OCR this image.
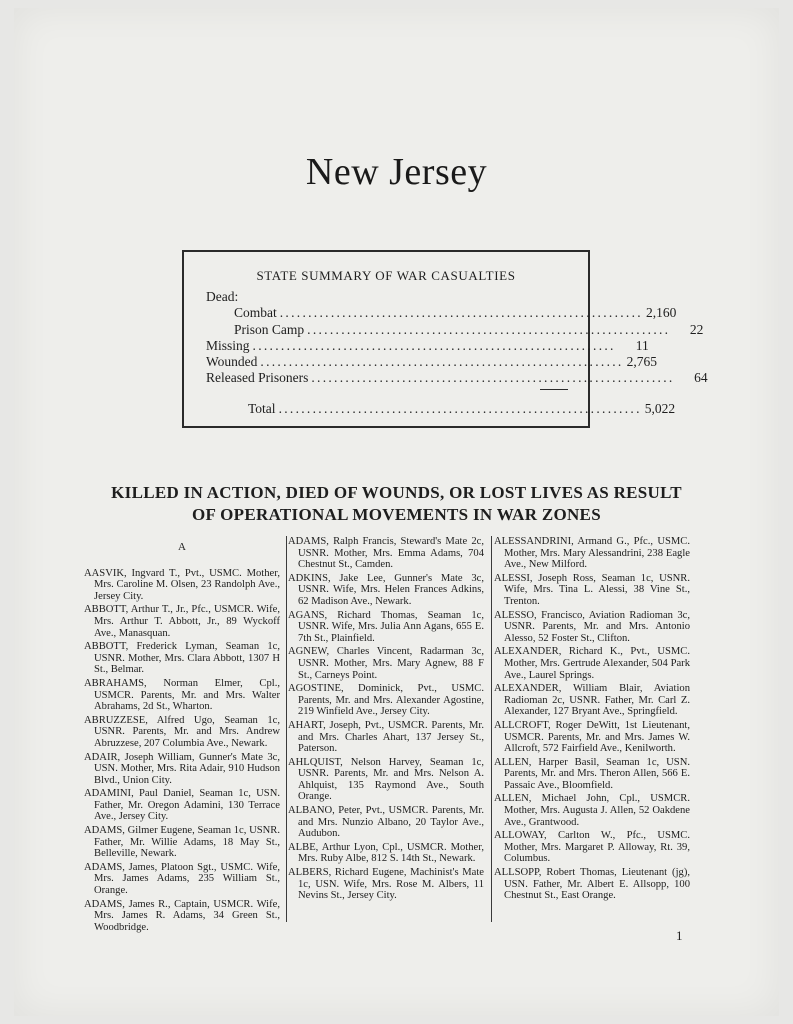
New Jersey
STATE SUMMARY OF WAR CASUALTIES
Dead:
Combat ................................................................ 2,160
Prison Camp ................................................................	22
Missing ................................................................	11
Wounded ................................................................ 2,765
Released Prisoners ................................................................	64
Total ................................................................ 5,022
KILLED IN ACTION, DIED OF WOUNDS, OR LOST LIVES AS RESULT
OF OPERATIONAL MOVEMENTS IN WAR ZONES
A
AASVIK, Ingvard T., Pvt., USMC. Mother, Mrs. Caroline M. Olsen, 23 Randolph Ave., Jersey City.
ABBOTT, Arthur T., Jr., Pfc., USMCR. Wife, Mrs. Arthur T. Abbott, Jr., 89 Wyckoff Ave., Manasquan.
ABBOTT, Frederick Lyman, Seaman 1c, USNR. Mother, Mrs. Clara Abbott, 1307 H St., Belmar.
ABRAHAMS, Norman Elmer, Cpl., USMCR. Parents, Mr. and Mrs. Walter Abrahams, 2d St., Wharton.
ABRUZZESE, Alfred Ugo, Seaman 1c, USNR. Parents, Mr. and Mrs. Andrew Abruzzese, 207 Columbia Ave., Newark.
ADAIR, Joseph William, Gunner's Mate 3c, USN. Mother, Mrs. Rita Adair, 910 Hudson Blvd., Union City.
ADAMINI, Paul Daniel, Seaman 1c, USN. Father, Mr. Oregon Adamini, 130 Terrace Ave., Jersey City.
ADAMS, Gilmer Eugene, Seaman 1c, USNR. Father, Mr. Willie Adams, 18 May St., Belleville, Newark.
ADAMS, James, Platoon Sgt., USMC. Wife, Mrs. James Adams, 235 William St., Orange.
ADAMS, James R., Captain, USMCR. Wife, Mrs. James R. Adams, 34 Green St., Woodbridge.
ADAMS, Ralph Francis, Steward's Mate 2c, USNR. Mother, Mrs. Emma Adams, 704 Chestnut St., Camden.
ADKINS, Jake Lee, Gunner's Mate 3c, USNR. Wife, Mrs. Helen Frances Adkins, 62 Madison Ave., Newark.
AGANS, Richard Thomas, Seaman 1c, USNR. Wife, Mrs. Julia Ann Agans, 655 E. 7th St., Plainfield.
AGNEW, Charles Vincent, Radarman 3c, USNR. Mother, Mrs. Mary Agnew, 88 F St., Carneys Point.
AGOSTINE, Dominick, Pvt., USMC. Parents, Mr. and Mrs. Alexander Agostine, 219 Winfield Ave., Jersey City.
AHART, Joseph, Pvt., USMCR. Parents, Mr. and Mrs. Charles Ahart, 137 Jersey St., Paterson.
AHLQUIST, Nelson Harvey, Seaman 1c, USNR. Parents, Mr. and Mrs. Nelson A. Ahlquist, 135 Raymond Ave., South Orange.
ALBANO, Peter, Pvt., USMCR. Parents, Mr. and Mrs. Nunzio Albano, 20 Taylor Ave., Audubon.
ALBE, Arthur Lyon, Cpl., USMCR. Mother, Mrs. Ruby Albe, 812 S. 14th St., Newark.
ALBERS, Richard Eugene, Machinist's Mate 1c, USN. Wife, Mrs. Rose M. Albers, 11 Nevins St., Jersey City.
ALESSANDRINI, Armand G., Pfc., USMC. Mother, Mrs. Mary Alessandrini, 238 Eagle Ave., New Milford.
ALESSI, Joseph Ross, Seaman 1c, USNR. Wife, Mrs. Tina L. Alessi, 38 Vine St., Trenton.
ALESSO, Francisco, Aviation Radioman 3c, USNR. Parents, Mr. and Mrs. Antonio Alesso, 52 Foster St., Clifton.
ALEXANDER, Richard K., Pvt., USMC. Mother, Mrs. Gertrude Alexander, 504 Park Ave., Laurel Springs.
ALEXANDER, William Blair, Aviation Radioman 2c, USNR. Father, Mr. Carl Z. Alexander, 127 Bryant Ave., Springfield.
ALLCROFT, Roger DeWitt, 1st Lieutenant, USMCR. Parents, Mr. and Mrs. James W. Allcroft, 572 Fairfield Ave., Kenilworth.
ALLEN, Harper Basil, Seaman 1c, USN. Parents, Mr. and Mrs. Theron Allen, 566 E. Passaic Ave., Bloomfield.
ALLEN, Michael John, Cpl., USMCR. Mother, Mrs. Augusta J. Allen, 52 Oakdene Ave., Grantwood.
ALLOWAY, Carlton W., Pfc., USMC. Mother, Mrs. Margaret P. Alloway, Rt. 39, Columbus.
ALLSOPP, Robert Thomas, Lieutenant (jg), USN. Father, Mr. Albert E. Allsopp, 100 Chestnut St., East Orange.
1
